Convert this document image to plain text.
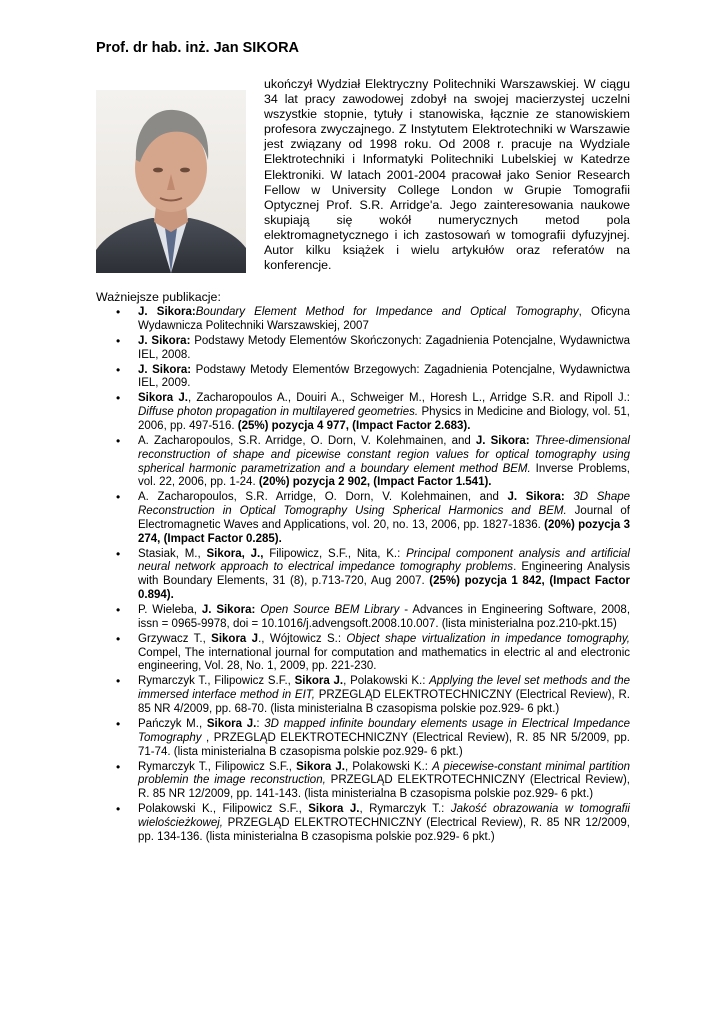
Prof. dr hab. inż. Jan SIKORA

ukończył Wydział Elektryczny Politechniki Warszawskiej. W ciągu 34 lat pracy zawodowej zdobył na swojej macierzystej uczelni wszystkie stopnie, tytuły i stanowiska, łącznie ze stanowiskiem profesora zwyczajnego. Z Instytutem Elektrotechniki w Warszawie jest związany od 1998 roku. Od 2008 r. pracuje na Wydziale Elektrotechniki i Informatyki Politechniki Lubelskiej w Katedrze Elektroniki. W latach 2001-2004 pracował jako Senior Research Fellow w University College London w Grupie Tomografii Optycznej Prof. S.R. Arridge'a. Jego zainteresowania naukowe skupiają się wokół numerycznych metod pola elektromagnetycznego i ich zastosowań w tomografii dyfuzyjnej. Autor kilku książek i wielu artykułów oraz referatów na konferencje.

Ważniejsze publikacje:

• J. Sikora:Boundary Element Method for Impedance and Optical Tomography, Oficyna Wydawnicza Politechniki Warszawskiej, 2007
• J. Sikora: Podstawy Metody Elementów Skończonych: Zagadnienia Potencjalne, Wydawnictwa IEL, 2008.
• J. Sikora: Podstawy Metody Elementów Brzegowych: Zagadnienia Potencjalne, Wydawnictwa IEL, 2009.
• Sikora J., Zacharopoulos A., Douiri A., Schweiger M., Horesh L., Arridge S.R. and Ripoll J.: Diffuse photon propagation in multilayered geometries. Physics in Medicine and Biology, vol. 51, 2006, pp. 497-516. (25%) pozycja 4 977, (Impact Factor 2.683).
• A. Zacharopoulos, S.R. Arridge, O. Dorn, V. Kolehmainen, and J. Sikora: Three-dimensional reconstruction of shape and picewise constant region values for optical tomography using spherical harmonic parametrization and a boundary element method BEM. Inverse Problems, vol. 22, 2006, pp. 1-24. (20%) pozycja 2 902, (Impact Factor 1.541).
• A. Zacharopoulos, S.R. Arridge, O. Dorn, V. Kolehmainen, and J. Sikora: 3D Shape Reconstruction in Optical Tomography Using Spherical Harmonics and BEM. Journal of Electromagnetic Waves and Applications, vol. 20, no. 13, 2006, pp. 1827-1836. (20%) pozycja 3 274, (Impact Factor 0.285).
• Stasiak, M., Sikora, J., Filipowicz, S.F., Nita, K.: Principal component analysis and artificial neural network approach to electrical impedance tomography problems. Engineering Analysis with Boundary Elements, 31 (8), p.713-720, Aug 2007. (25%) pozycja 1 842, (Impact Factor 0.894).
• P. Wieleba, J. Sikora: Open Source BEM Library - Advances in Engineering Software, 2008, issn = 0965-9978, doi = 10.1016/j.advengsoft.2008.10.007. (lista ministerialna poz.210-pkt.15)
• Grzywacz T., Sikora J., Wójtowicz S.: Object shape virtualization in impedance tomography, Compel, The international journal for computation and mathematics in electric al and electronic engineering, Vol. 28, No. 1, 2009, pp. 221-230.
• Rymarczyk T., Filipowicz S.F., Sikora J., Polakowski K.: Applying the level set methods and the immersed interface method in EIT, PRZEGLĄD ELEKTROTECHNICZNY (Electrical Review), R. 85 NR 4/2009, pp. 68-70. (lista ministerialna B czasopisma polskie poz.929- 6 pkt.)
• Pańczyk M., Sikora J.: 3D mapped infinite boundary elements usage in Electrical Impedance Tomography , PRZEGLĄD ELEKTROTECHNICZNY (Electrical Review), R. 85 NR 5/2009, pp. 71-74. (lista ministerialna B czasopisma polskie poz.929- 6 pkt.)
• Rymarczyk T., Filipowicz S.F., Sikora J., Polakowski K.: A piecewise-constant minimal partition problemin the image reconstruction, PRZEGLĄD ELEKTROTECHNICZNY (Electrical Review), R. 85 NR 12/2009, pp. 141-143. (lista ministerialna B czasopisma polskie poz.929- 6 pkt.)
• Polakowski K., Filipowicz S.F., Sikora J., Rymarczyk T.: Jakość obrazowania w tomografii wielościeżkowej, PRZEGLĄD ELEKTROTECHNICZNY (Electrical Review), R. 85 NR 12/2009, pp. 134-136. (lista ministerialna B czasopisma polskie poz.929- 6 pkt.)
